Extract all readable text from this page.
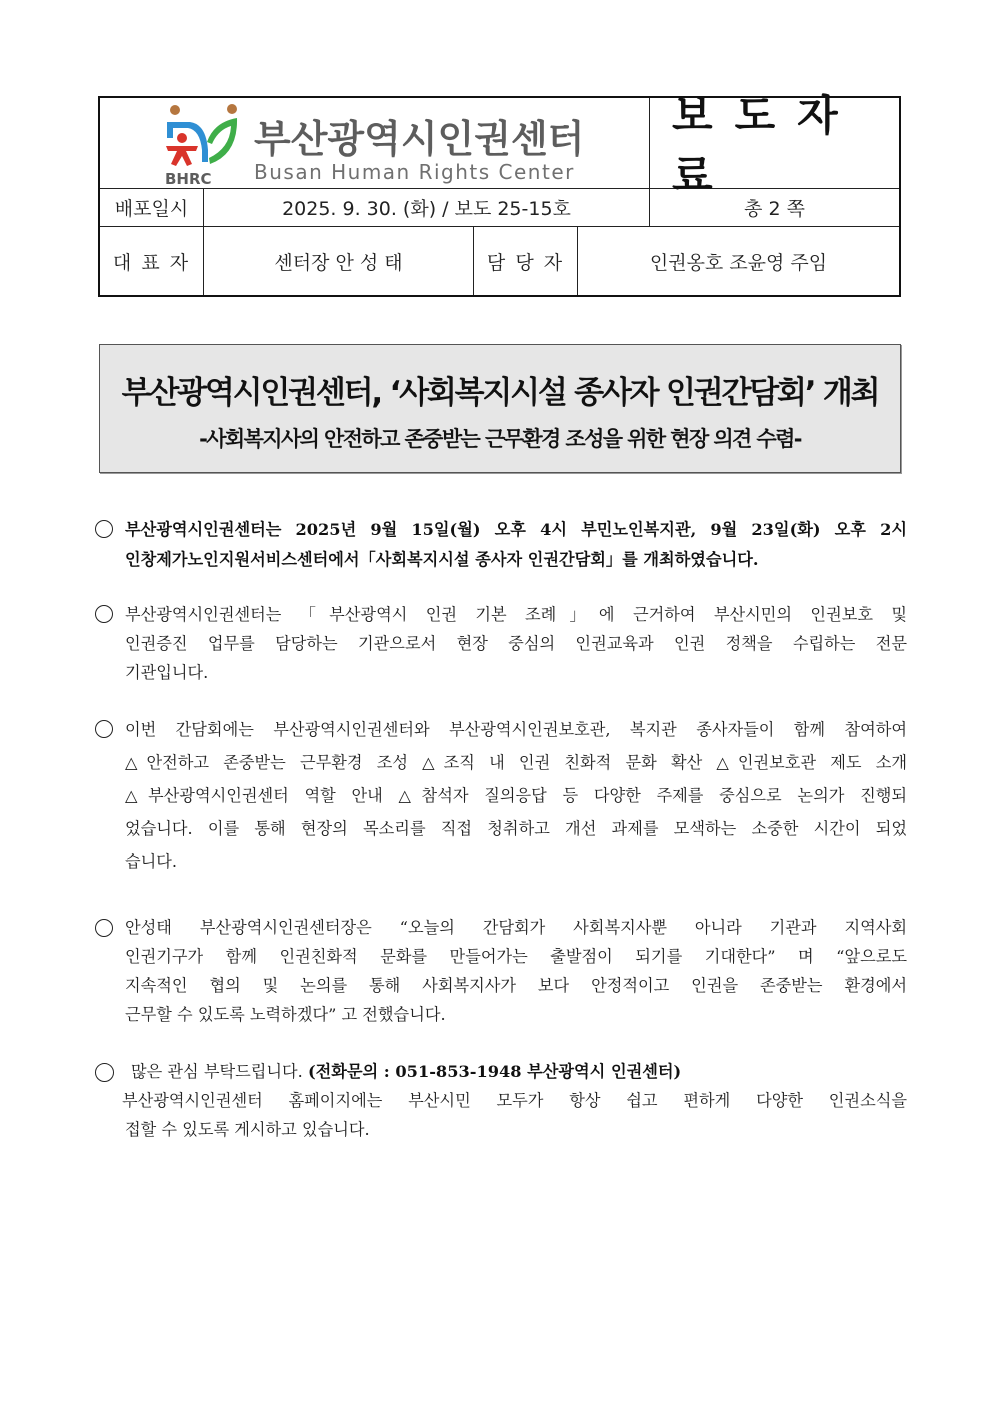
BHRC
부산광역시인권센터
Busan Human Rights Center
보도자료
배포일시	2025. 9. 30. (화) / 보도 25-15호	총 2 쪽
대 표 자	센터장 안 성 태	담 당 자	인권옹호 조윤영 주임
부산광역시인권센터, ‘사회복지시설 종사자 인권간담회’ 개최
-사회복지사의 안전하고 존중받는 근무환경 조성을 위한 현장 의견 수렴-
부산광역시인권센터는 2025년 9월 15일(월) 오후 4시 부민노인복지관, 9월 23일(화) 오후 2시
인창제가노인지원서비스센터에서「사회복지시설 종사자 인권간담회」를 개최하였습니다.
부산광역시인권센터는 「부산광역시 인권 기본 조례」에 근거하여 부산시민의 인권보호 및
인권증진 업무를 담당하는 기관으로서 현장 중심의 인권교육과 인권 정책을 수립하는 전문
기관입니다.
이번 간담회에는 부산광역시인권센터와 부산광역시인권보호관, 복지관 종사자들이 함께 참여하여
△안전하고 존중받는 근무환경 조성 △조직 내 인권 친화적 문화 확산 △인권보호관 제도 소개
△부산광역시인권센터 역할 안내 △참석자 질의응답 등 다양한 주제를 중심으로 논의가 진행되
었습니다. 이를 통해 현장의 목소리를 직접 청취하고 개선 과제를 모색하는 소중한 시간이 되었
습니다.
안성태 부산광역시인권센터장은 “오늘의 간담회가 사회복지사뿐 아니라 기관과 지역사회
인권기구가 함께 인권친화적 문화를 만들어가는 출발점이 되기를 기대한다” 며 “앞으로도
지속적인 협의 및 논의를 통해 사회복지사가 보다 안정적이고 인권을 존중받는 환경에서
근무할 수 있도록 노력하겠다” 고 전했습니다.
많은 관심 부탁드립니다. (전화문의 : 051-853-1948 부산광역시 인권센터)
부산광역시인권센터 홈페이지에는 부산시민 모두가 항상 쉽고 편하게 다양한 인권소식을
접할 수 있도록 게시하고 있습니다.
